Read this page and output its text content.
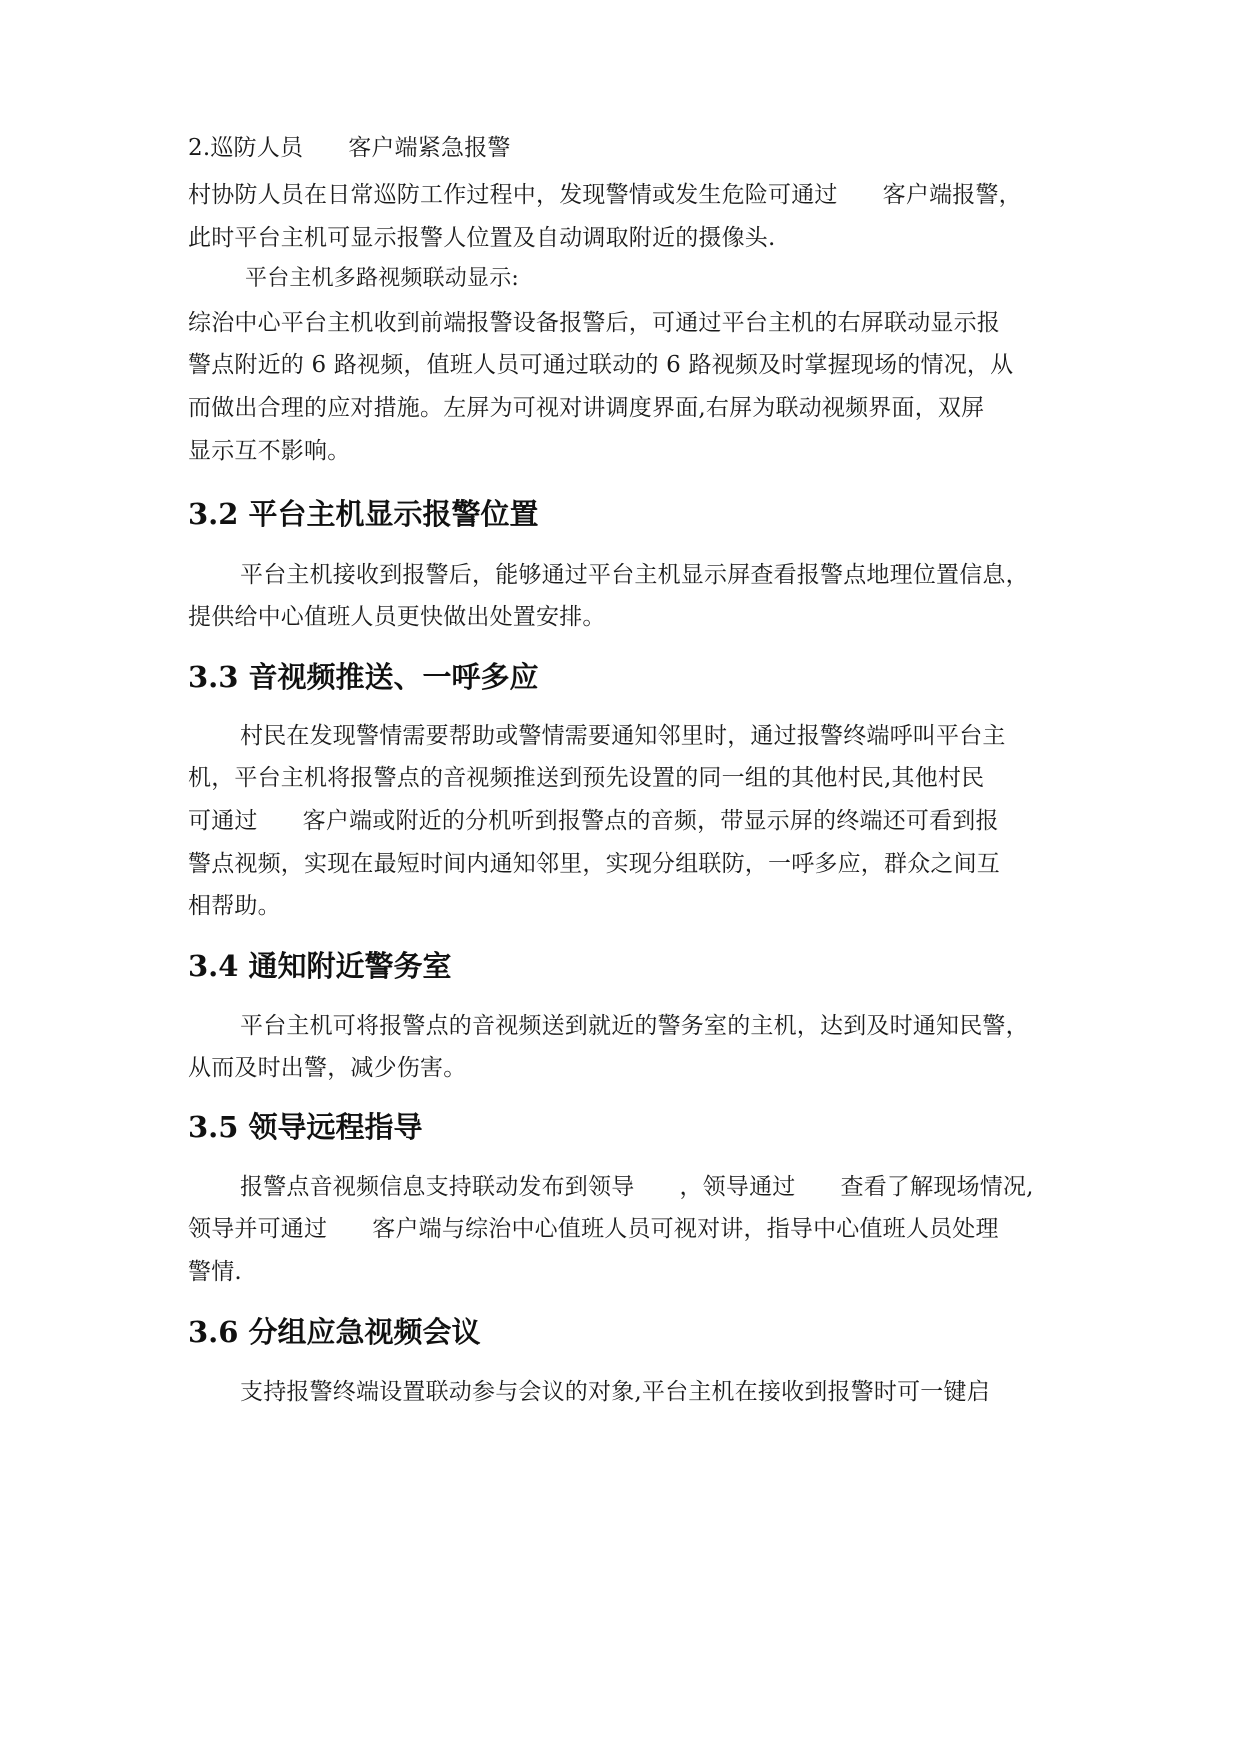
2.巡防人员      客户端紧急报警
村协防人员在日常巡防工作过程中，发现警情或发生危险可通过      客户端报警，
此时平台主机可显示报警人位置及自动调取附近的摄像头.
平台主机多路视频联动显示:
综治中心平台主机收到前端报警设备报警后，可通过平台主机的右屏联动显示报
警点附近的 6 路视频，值班人员可通过联动的 6 路视频及时掌握现场的情况，从
而做出合理的应对措施。左屏为可视对讲调度界面,右屏为联动视频界面，双屏
显示互不影响。
3.2 平台主机显示报警位置
平台主机接收到报警后，能够通过平台主机显示屏查看报警点地理位置信息，
提供给中心值班人员更快做出处置安排。
3.3 音视频推送、一呼多应
村民在发现警情需要帮助或警情需要通知邻里时，通过报警终端呼叫平台主
机，平台主机将报警点的音视频推送到预先设置的同一组的其他村民,其他村民
可通过      客户端或附近的分机听到报警点的音频，带显示屏的终端还可看到报
警点视频，实现在最短时间内通知邻里，实现分组联防，一呼多应，群众之间互
相帮助。
3.4 通知附近警务室
平台主机可将报警点的音视频送到就近的警务室的主机，达到及时通知民警，
从而及时出警，减少伤害。
3.5 领导远程指导
报警点音视频信息支持联动发布到领导      ，领导通过      查看了解现场情况,
领导并可通过      客户端与综治中心值班人员可视对讲，指导中心值班人员处理
警情.
3.6 分组应急视频会议
支持报警终端设置联动参与会议的对象,平台主机在接收到报警时可一键启
